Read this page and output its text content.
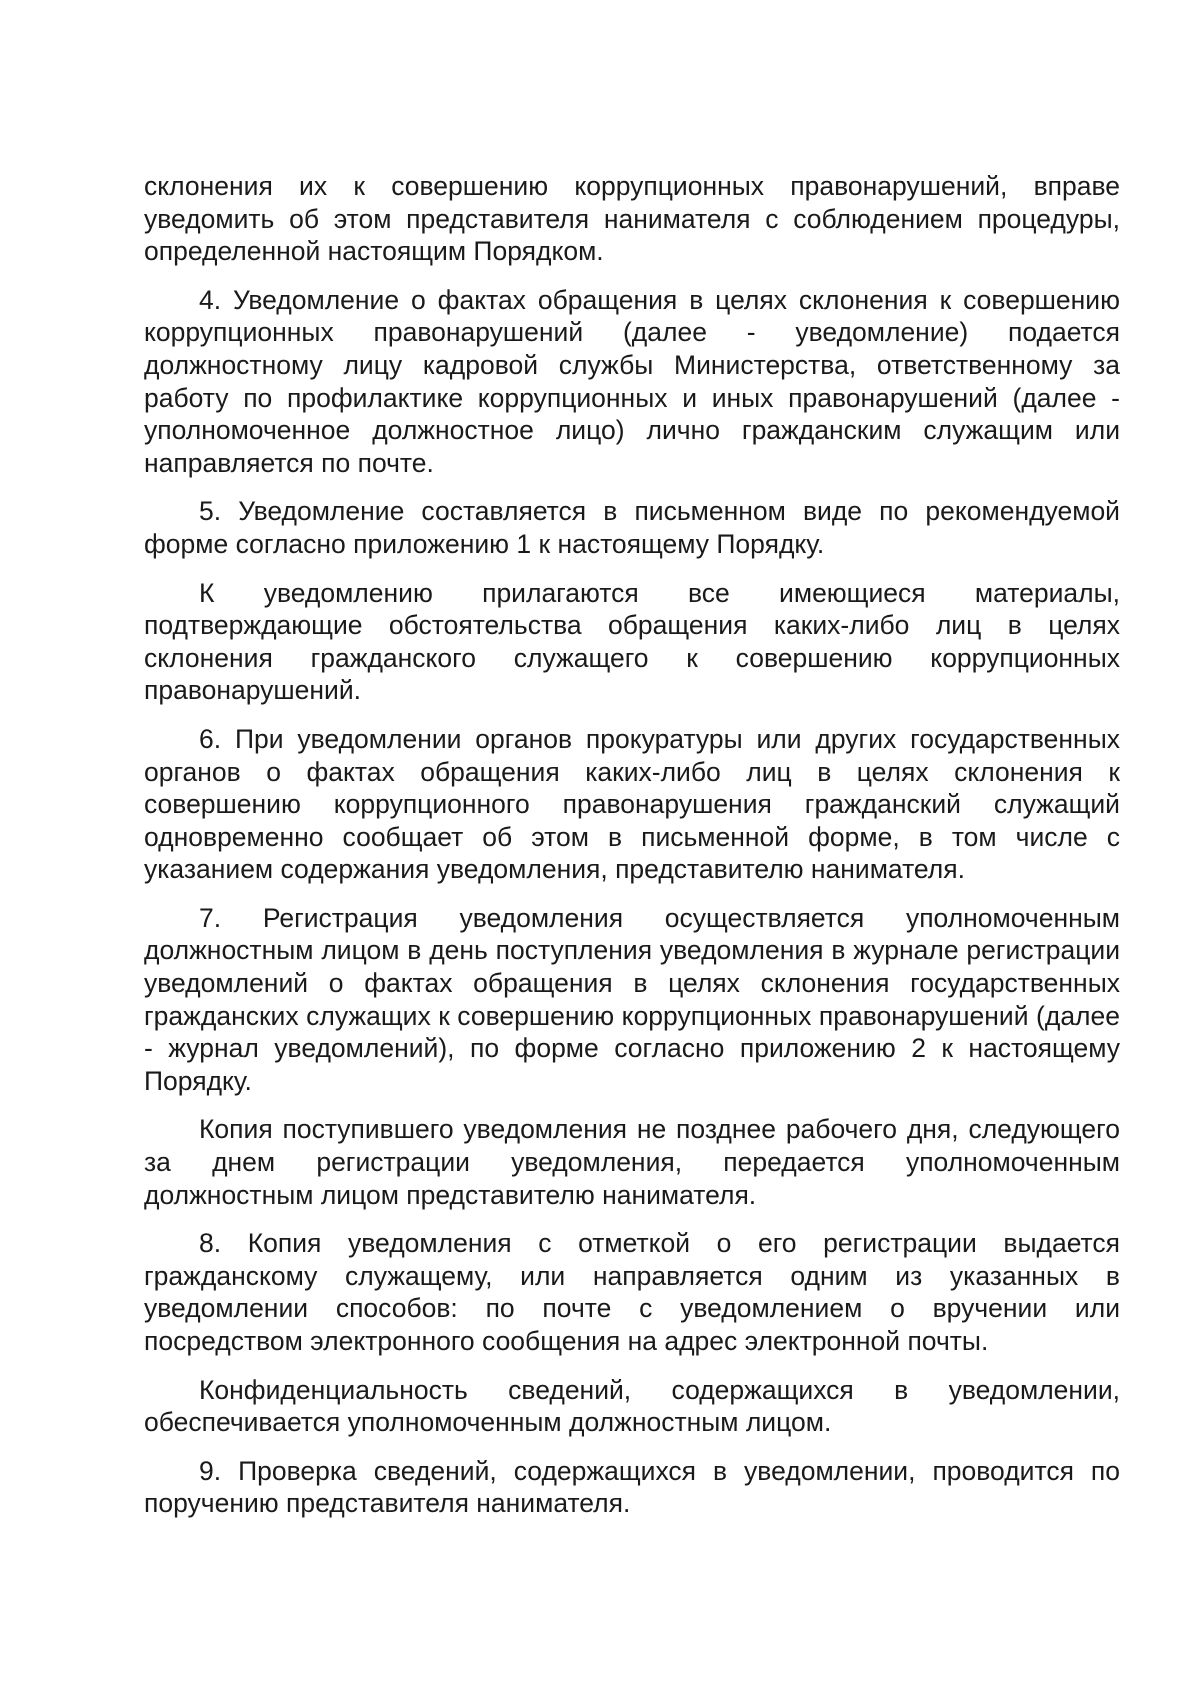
склонения их к совершению коррупционных правонарушений, вправе уведомить об этом представителя нанимателя с соблюдением процедуры, определенной настоящим Порядком.

4. Уведомление о фактах обращения в целях склонения к совершению коррупционных правонарушений (далее - уведомление) подается должностному лицу кадровой службы Министерства, ответственному за работу по профилактике коррупционных и иных правонарушений (далее - уполномоченное должностное лицо) лично гражданским служащим или направляется по почте.

5. Уведомление составляется в письменном виде по рекомендуемой форме согласно приложению 1 к настоящему Порядку.

К уведомлению прилагаются все имеющиеся материалы, подтверждающие обстоятельства обращения каких-либо лиц в целях склонения гражданского служащего к совершению коррупционных правонарушений.

6. При уведомлении органов прокуратуры или других государственных органов о фактах обращения каких-либо лиц в целях склонения к совершению коррупционного правонарушения гражданский служащий одновременно сообщает об этом в письменной форме, в том числе с указанием содержания уведомления, представителю нанимателя.

7. Регистрация уведомления осуществляется уполномоченным должностным лицом в день поступления уведомления в журнале регистрации уведомлений о фактах обращения в целях склонения государственных гражданских служащих к совершению коррупционных правонарушений (далее - журнал уведомлений), по форме согласно приложению 2 к настоящему Порядку.

Копия поступившего уведомления не позднее рабочего дня, следующего за днем регистрации уведомления, передается уполномоченным должностным лицом представителю нанимателя.

8. Копия уведомления с отметкой о его регистрации выдается гражданскому служащему, или направляется одним из указанных в уведомлении способов: по почте с уведомлением о вручении или посредством электронного сообщения на адрес электронной почты.

Конфиденциальность сведений, содержащихся в уведомлении, обеспечивается уполномоченным должностным лицом.

9. Проверка сведений, содержащихся в уведомлении, проводится по поручению представителя нанимателя.
